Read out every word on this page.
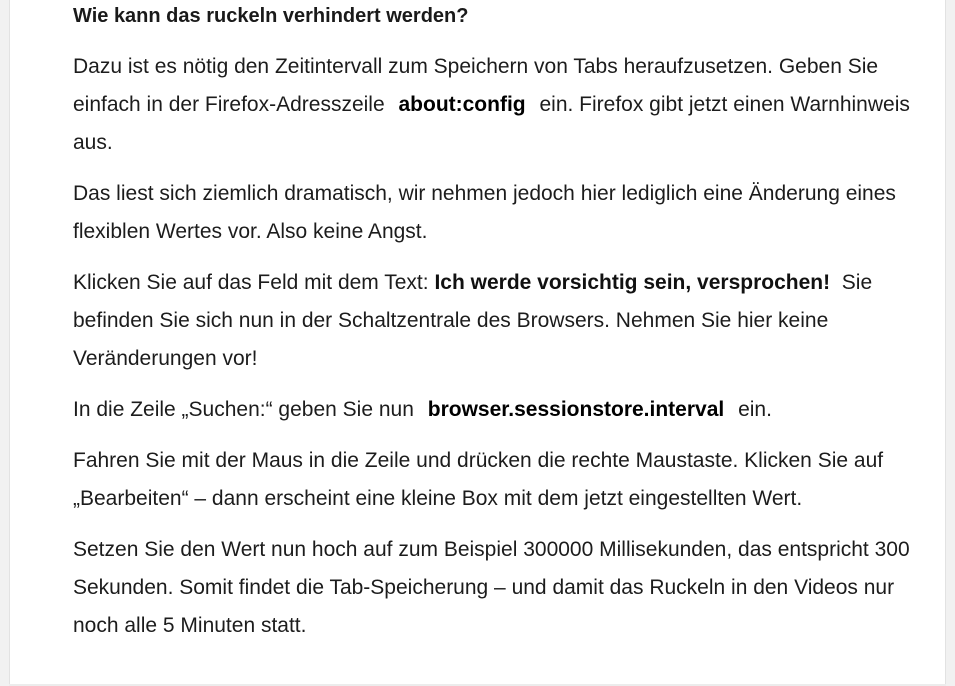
Wie kann das ruckeln verhindert werden?

Dazu ist es nötig den Zeitintervall zum Speichern von Tabs heraufzusetzen. Geben Sie einfach in der Firefox-Adresszeile about:config ein. Firefox gibt jetzt einen Warnhinweis aus.

Das liest sich ziemlich dramatisch, wir nehmen jedoch hier lediglich eine Änderung eines flexiblen Wertes vor. Also keine Angst.

Klicken Sie auf das Feld mit dem Text: Ich werde vorsichtig sein, versprochen! Sie befinden Sie sich nun in der Schaltzentrale des Browsers. Nehmen Sie hier keine Veränderungen vor!

In die Zeile „Suchen:“ geben Sie nun browser.sessionstore.interval ein.

Fahren Sie mit der Maus in die Zeile und drücken die rechte Maustaste. Klicken Sie auf „Bearbeiten“ – dann erscheint eine kleine Box mit dem jetzt eingestellten Wert.

Setzen Sie den Wert nun hoch auf zum Beispiel 300000 Millisekunden, das entspricht 300 Sekunden. Somit findet die Tab-Speicherung – und damit das Ruckeln in den Videos nur noch alle 5 Minuten statt.
